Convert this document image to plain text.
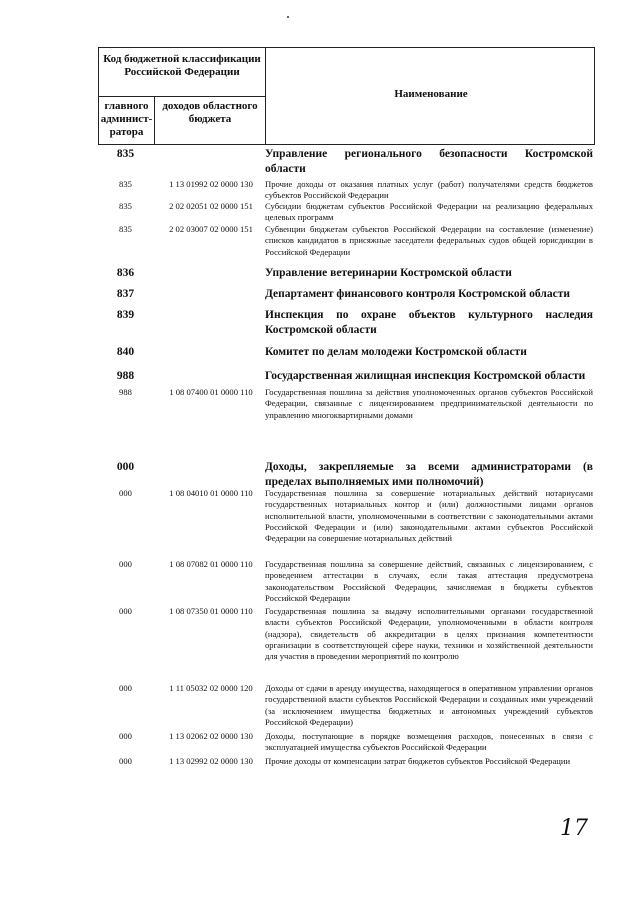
Код бюджетной классификации Российской Федерации
главного админист-ратора
доходов областного бюджета
Наименование
835	Управление регионального безопасности Костромской области
835	1 13 01992 02 0000 130	Прочие доходы от оказания платных услуг (работ) получателями средств бюджетов субъектов Российской Федерации
835	2 02 02051 02 0000 151	Субсидии бюджетам субъектов Российской Федерации на реализацию федеральных целевых программ
835	2 02 03007 02 0000 151	Субвенции бюджетам субъектов Российской Федерации на составление (изменение) списков кандидатов в присяжные заседатели федеральных судов общей юрисдикции в Российской Федерации
836	Управление ветеринарии Костромской области
837	Департамент финансового контроля Костромской области
839	Инспекция по охране объектов культурного наследия Костромской области
840	Комитет по делам молодежи Костромской области
988	Государственная жилищная инспекция Костромской области
988	1 08 07400 01 0000 110	Государственная пошлина за действия уполномоченных органов субъектов Российской Федерации, связанные с лицензированием предпринимательской деятельности по управлению многоквартирными домами
000	Доходы, закрепляемые за всеми администраторами (в пределах выполняемых ими полномочий)
000	1 08 04010 01 0000 110	Государственная пошлина за совершение нотариальных действий нотариусами государственных нотариальных контор и (или) должностными лицами органов исполнительной власти, уполномоченными в соответствии с законодательными актами Российской Федерации и (или) законодательными актами субъектов Российской Федерации на совершение нотариальных действий
000	1 08 07082 01 0000 110	Государственная пошлина за совершение действий, связанных с лицензированием, с проведением аттестации в случаях, если такая аттестация предусмотрена законодательством Российской Федерации, зачисляемая в бюджеты субъектов Российской Федерации
000	1 08 07350 01 0000 110	Государственная пошлина за выдачу исполнительными органами государственной власти субъектов Российской Федерации, уполномоченными в области контроля (надзора), свидетельств об аккредитации в целях признания компетентности организации в соответствующей сфере науки, техники и хозяйственной деятельности для участия в проведении мероприятий по контролю
000	1 11 05032 02 0000 120	Доходы от сдачи в аренду имущества, находящегося в оперативном управлении органов государственной власти субъектов Российской Федерации и созданных ими учреждений (за исключением имущества бюджетных и автономных учреждений субъектов Российской Федерации)
000	1 13 02062 02 0000 130	Доходы, поступающие в порядке возмещения расходов, понесенных в связи с эксплуатацией имущества субъектов Российской Федерации
000	1 13 02992 02 0000 130	Прочие доходы от компенсации затрат бюджетов субъектов Российской Федерации
17
